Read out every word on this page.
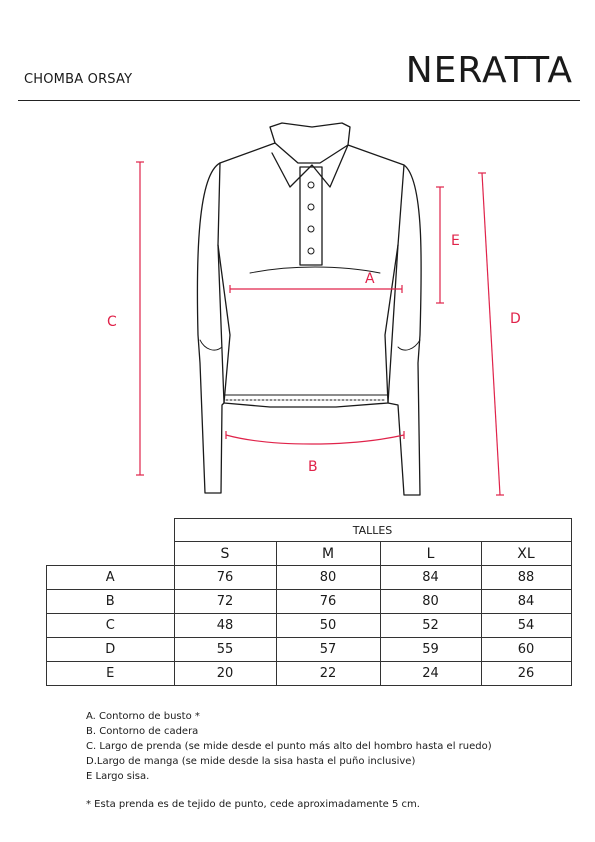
CHOMBA ORSAY	NERATTA
A
B
C	D
E
	TALLES			
	S	M	L	XL
A	76	80	84	88
B	72	76	80	84
C	48	50	52	54
D	55	57	59	60
E	20	22	24	26
A. Contorno de busto *
B. Contorno de cadera
C. Largo de prenda (se mide desde el punto más alto del hombro hasta el ruedo)
D.Largo de manga (se mide desde la sisa hasta el puño inclusive)
E Largo sisa.
* Esta prenda es de tejido de punto, cede aproximadamente 5 cm.
